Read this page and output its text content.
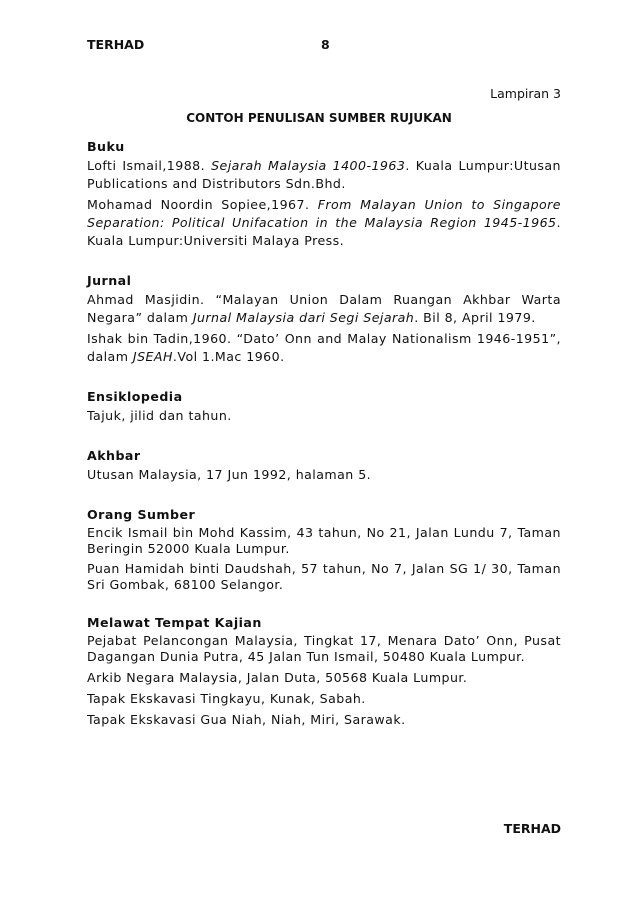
TERHAD	8
Lampiran 3
CONTOH PENULISAN SUMBER RUJUKAN

Buku

Lofti Ismail,1988. Sejarah Malaysia 1400-1963. Kuala Lumpur:Utusan Publications and Distributors Sdn.Bhd.

Mohamad Noordin Sopiee,1967. From Malayan Union to Singapore Separation: Political Unifacation in the Malaysia Region 1945-1965. Kuala Lumpur:Universiti Malaya Press.

Jurnal

Ahmad Masjidin. “Malayan Union Dalam Ruangan Akhbar Warta Negara” dalam Jurnal Malaysia dari Segi Sejarah. Bil 8, April 1979.

Ishak bin Tadin,1960. “Dato’ Onn and Malay Nationalism 1946-1951”, dalam JSEAH.Vol 1.Mac 1960.

Ensiklopedia

Tajuk, jilid dan tahun.

Akhbar

Utusan Malaysia, 17 Jun 1992, halaman 5.

Orang Sumber

Encik Ismail bin Mohd Kassim, 43 tahun, No 21, Jalan Lundu 7, Taman Beringin 52000 Kuala Lumpur.

Puan Hamidah binti Daudshah, 57 tahun, No 7, Jalan SG 1/ 30, Taman Sri Gombak, 68100 Selangor.

Melawat Tempat Kajian

Pejabat Pelancongan Malaysia, Tingkat 17, Menara Dato’ Onn, Pusat Dagangan Dunia Putra, 45 Jalan Tun Ismail, 50480 Kuala Lumpur.

Arkib Negara Malaysia, Jalan Duta, 50568 Kuala Lumpur.

Tapak Ekskavasi Tingkayu, Kunak, Sabah.

Tapak Ekskavasi Gua Niah, Niah, Miri, Sarawak.

TERHAD
